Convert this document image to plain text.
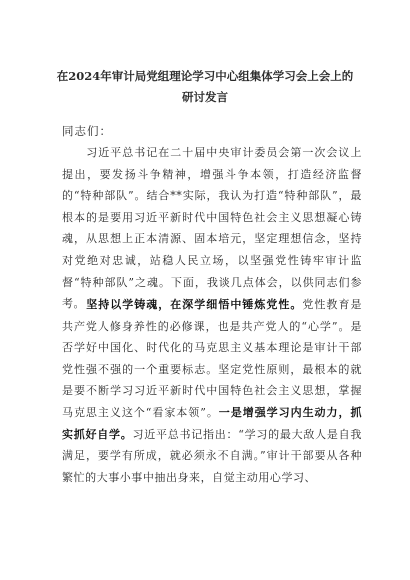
在2024年审计局党组理论学习中心组集体学习会上会上的
研讨发言
同志们：
习近平总书记在二十届中央审计委员会第一次会议上提出，要发扬斗争精神，增强斗争本领，打造经济监督的“特种部队”。结合**实际，我认为打造“特种部队”，最根本的是要用习近平新时代中国特色社会主义思想凝心铸魂，从思想上正本清源、固本培元，坚定理想信念，坚持对党绝对忠诚，站稳人民立场，以坚强党性铸牢审计监督“特种部队”之魂。下面，我谈几点体会，以供同志们参考。 坚持以学铸魂，在深学细悟中锤炼党性。党性教育是共产党人修身养性的必修课，也是共产党人的“心学”。是否学好中国化、时代化的马克思主义基本理论是审计干部党性强不强的一个重要标志。坚定党性原则，最根本的就是要不断学习习近平新时代中国特色社会主义思想，掌握马克思主义这个“看家本领”。一是增强学习内生动力，抓实抓好自学。习近平总书记指出：“学习的最大敌人是自我满足，要学有所成，就必须永不自满。”审计干部要从各种繁忙的大事小事中抽出身来，自觉主动用心学习、
